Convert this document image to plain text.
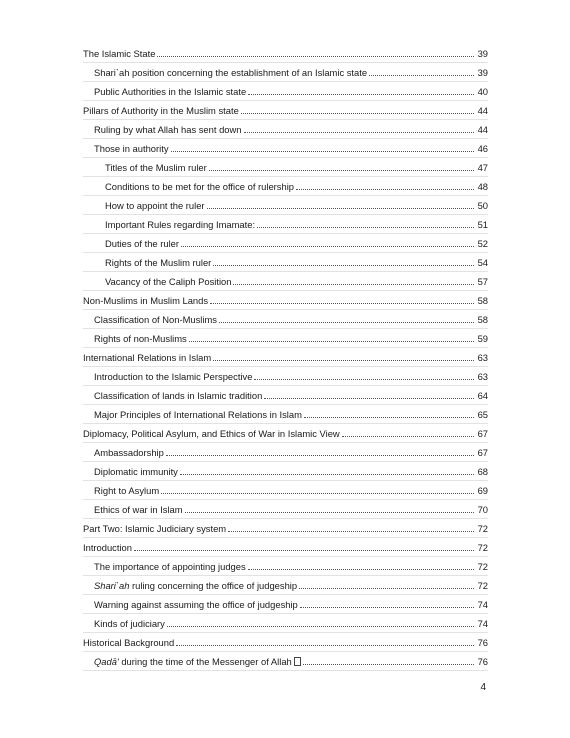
The Islamic State	39
Shari`ah position concerning the establishment of an Islamic state	39
Public Authorities in the Islamic state	40
Pillars of Authority in the Muslim state	44
Ruling by what Allah has sent down	44
Those in authority	46
Titles of the Muslim ruler	47
Conditions to be met for the office of rulership	48
How to appoint the ruler	50
Important Rules regarding Imamate:	51
Duties of the ruler	52
Rights of the Muslim ruler	54
Vacancy of the Caliph Position	57
Non-Muslims in Muslim Lands	58
Classification of Non-Muslims	58
Rights of non-Muslims	59
International Relations in Islam	63
Introduction to the Islamic Perspective	63
Classification of lands in Islamic tradition	64
Major Principles of International Relations in Islam	65
Diplomacy, Political Asylum, and Ethics of War in Islamic View	67
Ambassadorship	67
Diplomatic immunity	68
Right to Asylum	69
Ethics of war in Islam	70
Part Two: Islamic Judiciary system	72
Introduction	72
The importance of appointing judges	72
Shari`ah ruling concerning the office of judgeship	72
Warning against assuming the office of judgeship	74
Kinds of judiciary	74
Historical Background	76
Qadā' during the time of the Messenger of Allah	76
4
